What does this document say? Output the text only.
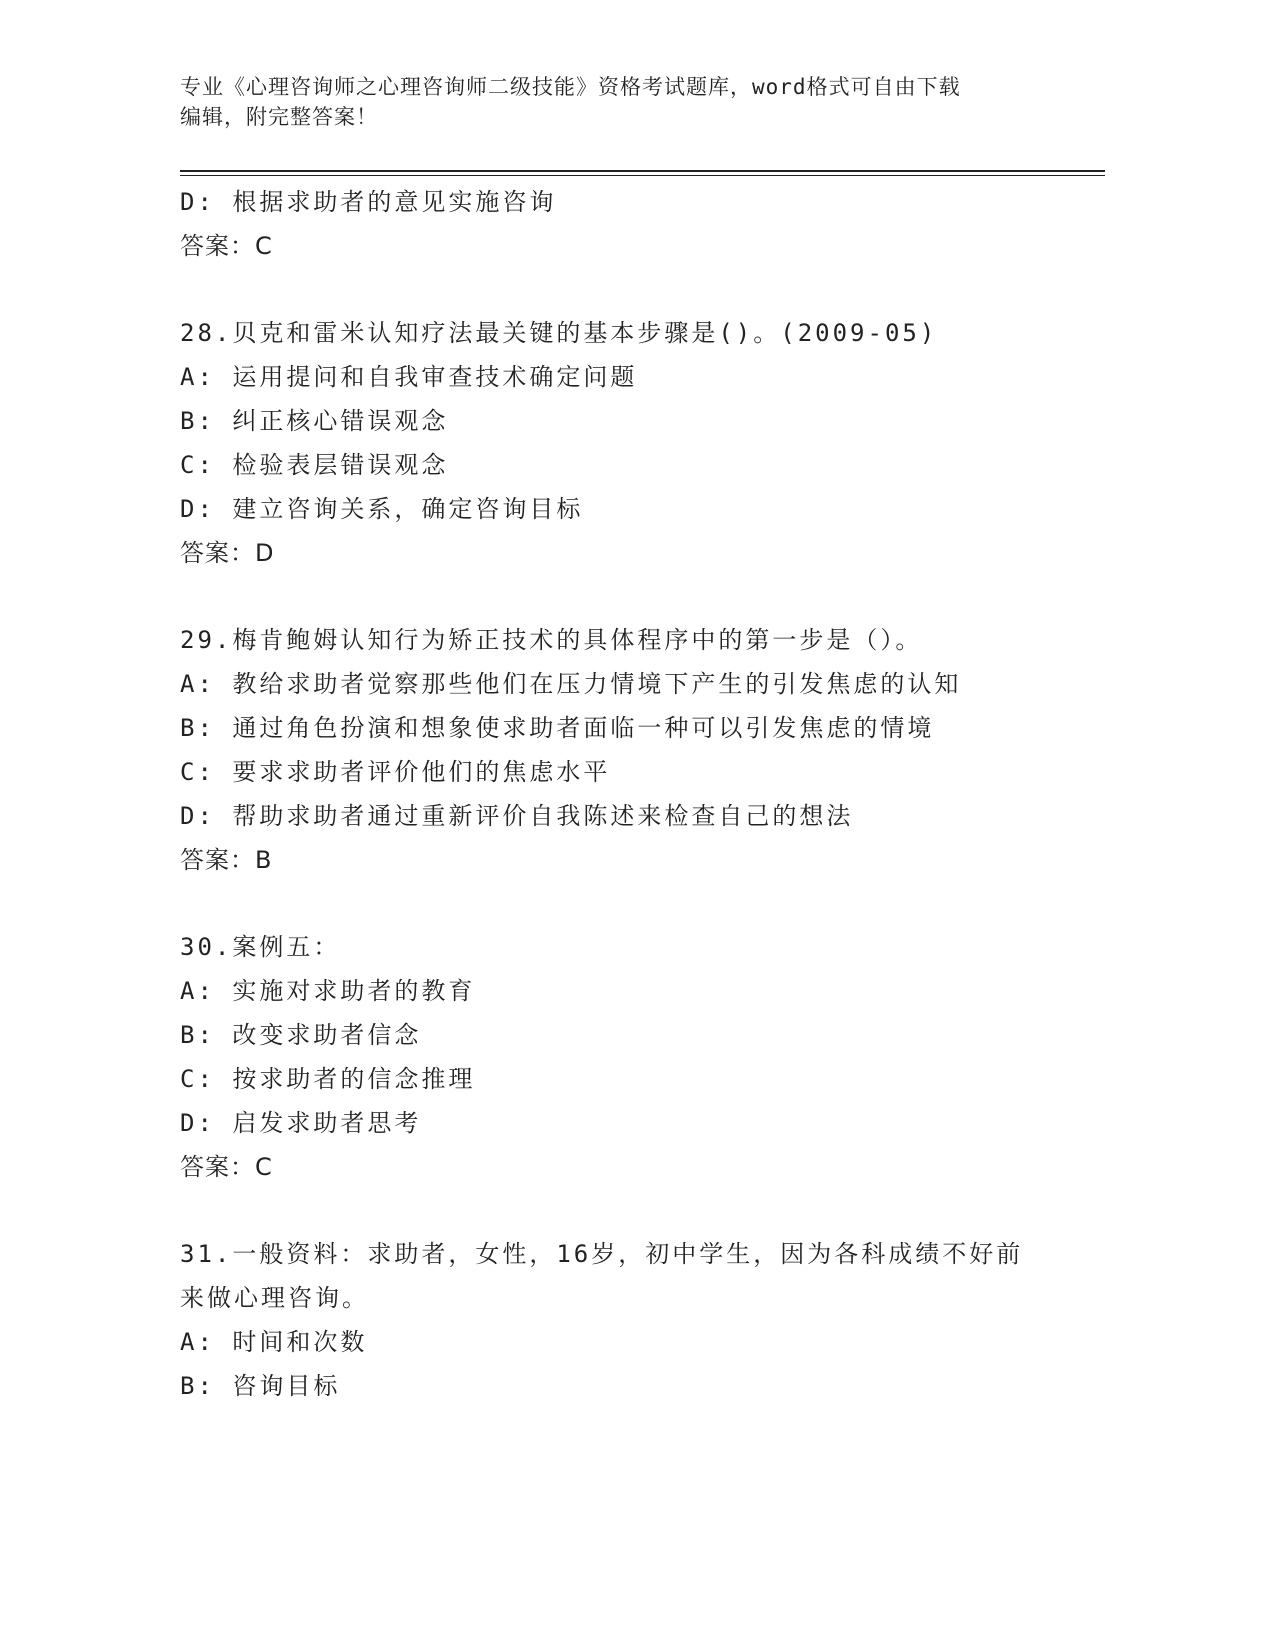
专业《心理咨询师之心理咨询师二级技能》资格考试题库，word格式可自由下载
编辑，附完整答案！
D: 根据求助者的意见实施咨询
答案：C
28.贝克和雷米认知疗法最关键的基本步骤是()。(2009-05)
A: 运用提问和自我审查技术确定问题
B: 纠正核心错误观念
C: 检验表层错误观念
D: 建立咨询关系，确定咨询目标
答案：D
29.梅肯鲍姆认知行为矫正技术的具体程序中的第一步是（）。
A: 教给求助者觉察那些他们在压力情境下产生的引发焦虑的认知
B: 通过角色扮演和想象使求助者面临一种可以引发焦虑的情境
C: 要求求助者评价他们的焦虑水平
D: 帮助求助者通过重新评价自我陈述来检查自己的想法
答案：B
30.案例五：
A: 实施对求助者的教育
B: 改变求助者信念
C: 按求助者的信念推理
D: 启发求助者思考
答案：C
31.一般资料：求助者，女性，16岁，初中学生，因为各科成绩不好前
来做心理咨询。
A: 时间和次数
B: 咨询目标
